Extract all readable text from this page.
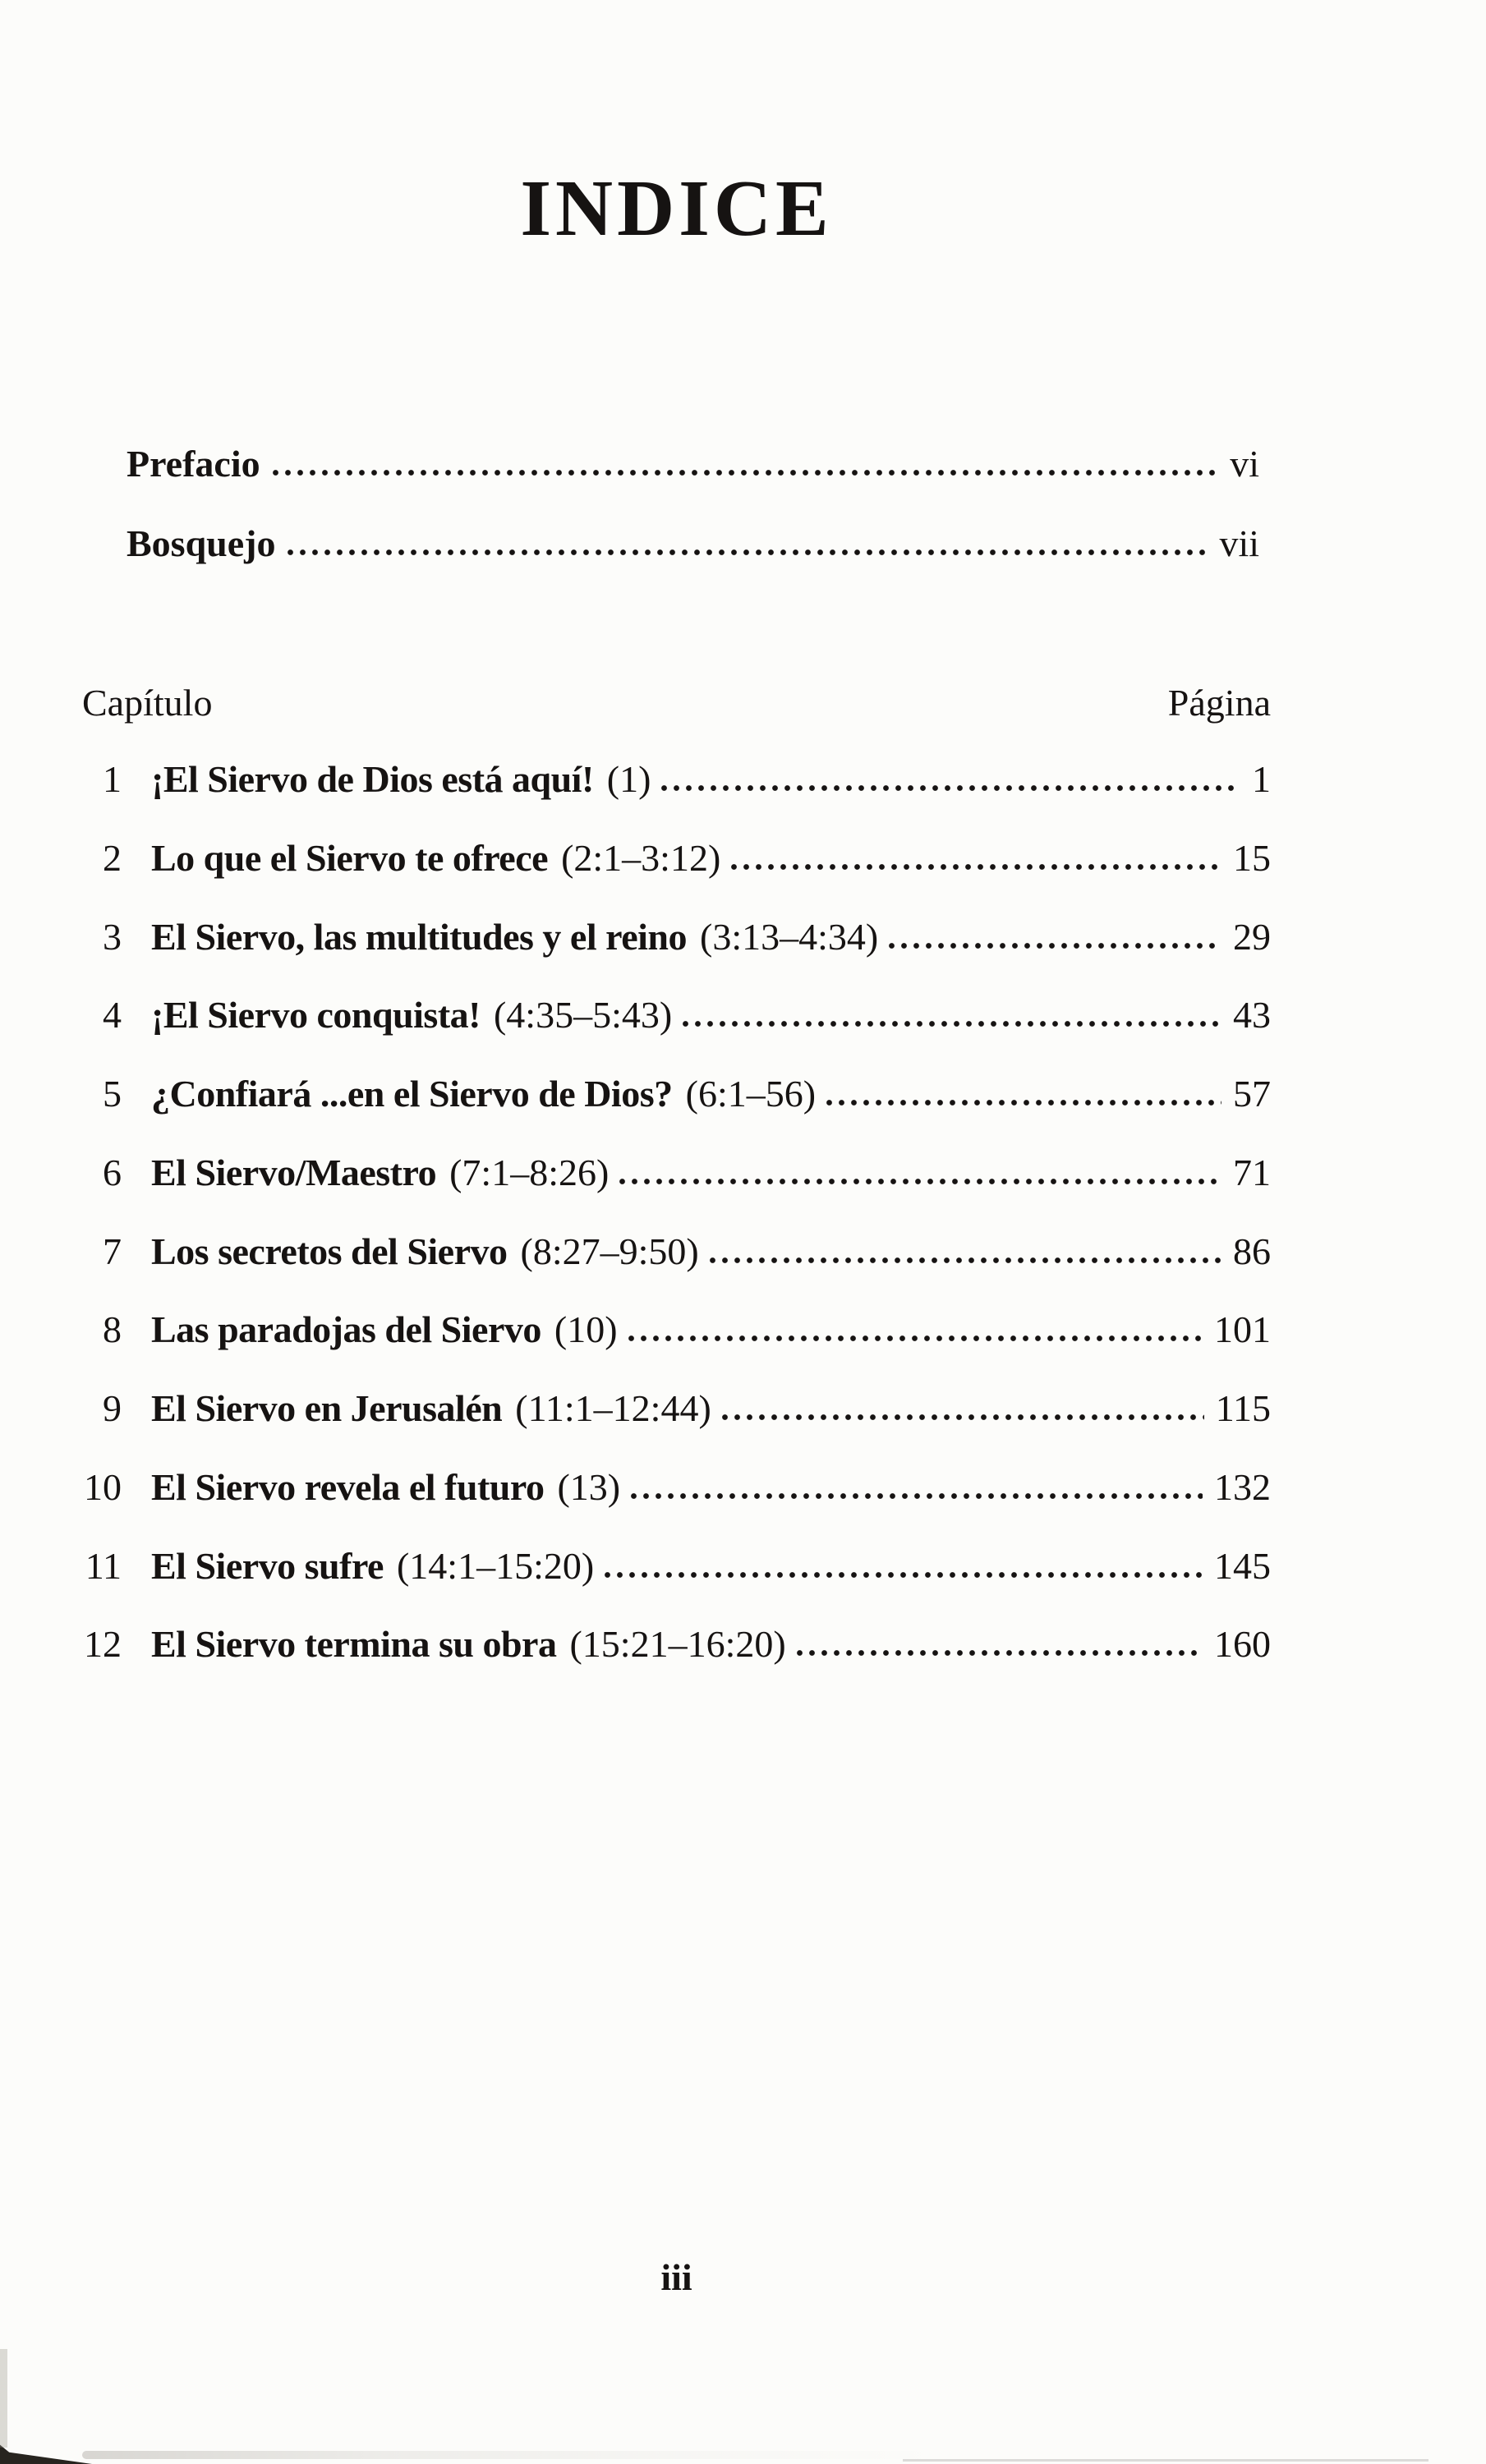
INDICE
Prefacio	vi
Bosquejo	vii
Capítulo	Página
1 ¡El Siervo de Dios está aquí! (1)	1
2 Lo que el Siervo te ofrece (2:1–3:12)	15
3 El Siervo, las multitudes y el reino (3:13–4:34)	29
4 ¡El Siervo conquista! (4:35–5:43)	43
5 ¿Confiará ...en el Siervo de Dios? (6:1–56)	57
6 El Siervo/Maestro (7:1–8:26)	71
7 Los secretos del Siervo (8:27–9:50)	86
8 Las paradojas del Siervo (10)	101
9 El Siervo en Jerusalén (11:1–12:44)	115
10 El Siervo revela el futuro (13)	132
11 El Siervo sufre (14:1–15:20)	145
12 El Siervo termina su obra (15:21–16:20)	160
iii
